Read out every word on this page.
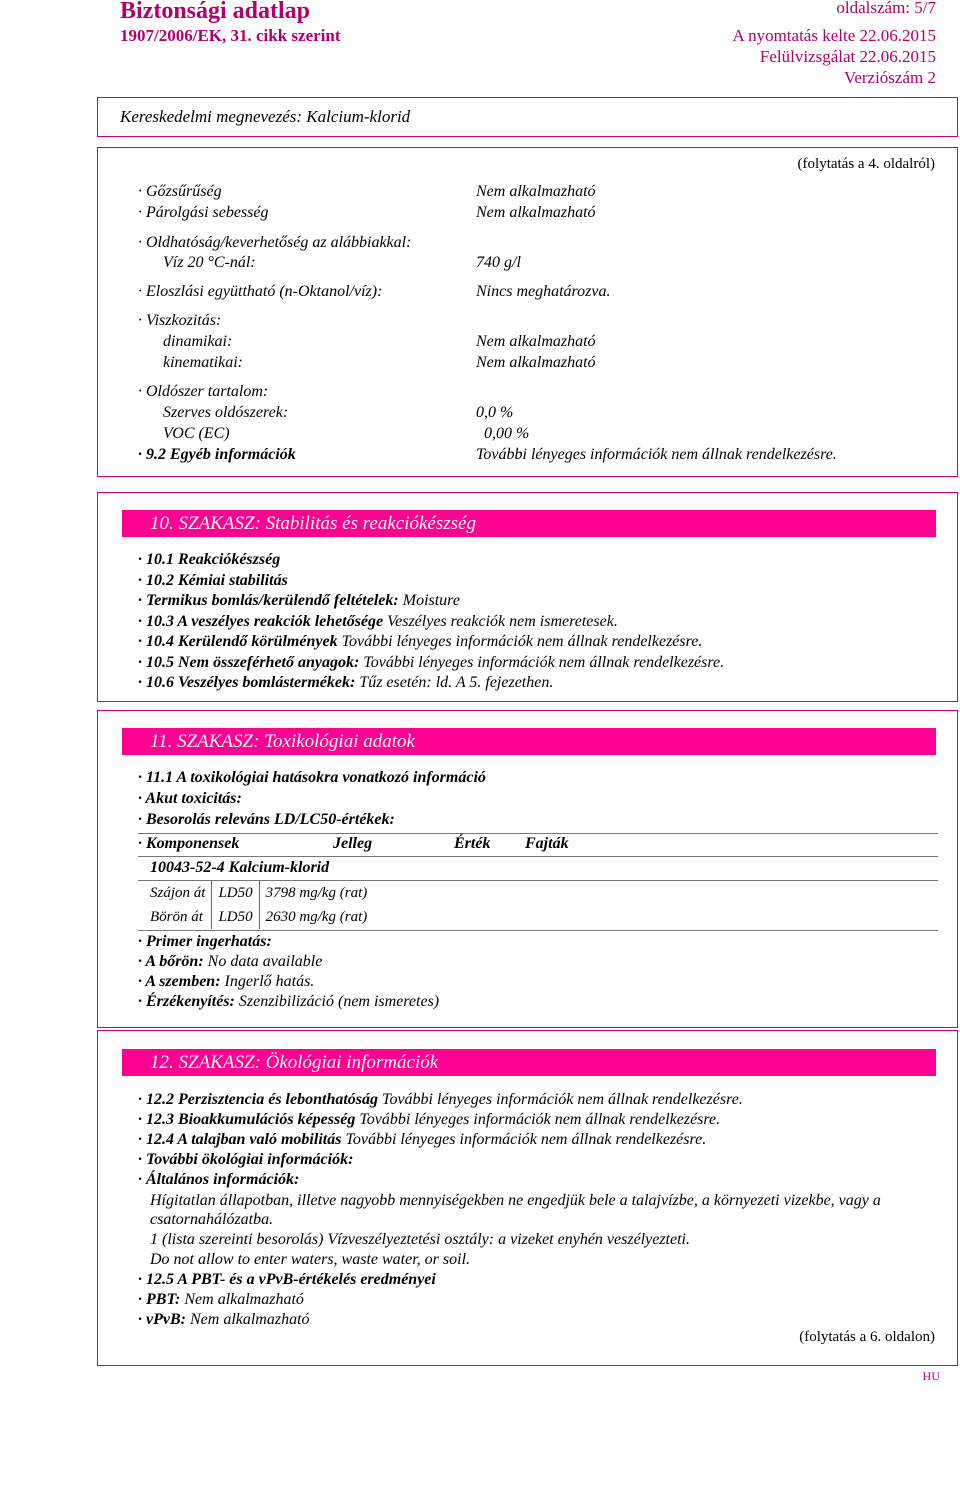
Biztonsági adatlap
1907/2006/EK, 31. cikk szerint
oldalszám: 5/7
A nyomtatás kelte 22.06.2015
Felülvizsgálat 22.06.2015
Verziószám 2
Kereskedelmi megnevezés: Kalcium-klorid
(folytatás a 4. oldalról)
· Gőzsűrűség	Nem alkalmazható
· Párolgási sebesség	Nem alkalmazható
· Oldhatóság/keverhetőség az alábbiakkal:
Víz 20 °C-nál:	740 g/l
· Eloszlási együttható (n-Oktanol/víz):	Nincs meghatározva.
· Viszkozitás:
dinamikai:	Nem alkalmazható
kinematikai:	Nem alkalmazható
· Oldószer tartalom:
Szerves oldószerek:	0,0 %
VOC (EC)	0,00 %
· 9.2 Egyéb információk	További lényeges információk nem állnak rendelkezésre.
10. SZAKASZ: Stabilitás és reakciókészség
· 10.1 Reakciókészség
· 10.2 Kémiai stabilitás
· Termikus bomlás/kerülendő feltételek: Moisture
· 10.3 A veszélyes reakciók lehetősége Veszélyes reakciók nem ismeretesek.
· 10.4 Kerülendő körülmények További lényeges információk nem állnak rendelkezésre.
· 10.5 Nem összeférhető anyagok: További lényeges információk nem állnak rendelkezésre.
· 10.6 Veszélyes bomlástermékek: Tűz esetén: ld. A 5. fejezethen.
11. SZAKASZ: Toxikológiai adatok
· 11.1 A toxikológiai hatásokra vonatkozó információ
· Akut toxicitás:
· Besorolás releváns LD/LC50-értékek:
· Komponensek	Jelleg	Érték Fajták
10043-52-4 Kalcium-klorid
Szájon át	LD50	3798 mg/kg (rat)
Börön át	LD50	2630 mg/kg (rat)
· Primer ingerhatás:
· A bőrön: No data available
· A szemben: Ingerlő hatás.
· Érzékenyítés: Szenzibilizáció (nem ismeretes)
12. SZAKASZ: Ökológiai információk
· 12.2 Perzisztencia és lebonthatóság További lényeges információk nem állnak rendelkezésre.
· 12.3 Bioakkumulációs képesség További lényeges információk nem állnak rendelkezésre.
· 12.4 A talajban való mobilitás További lényeges információk nem állnak rendelkezésre.
· További ökológiai információk:
· Általános információk:
Hígitatlan állapotban, illetve nagyobb mennyiségekben ne engedjük bele a talajvízbe, a környezeti vizekbe, vagy a csatornahálózatba.
1 (lista szereinti besorolás) Vízveszélyeztetési osztály: a vizeket enyhén veszélyezteti.
Do not allow to enter waters, waste water, or soil.
· 12.5 A PBT- és a vPvB-értékelés eredményei
· PBT: Nem alkalmazható
· vPvB: Nem alkalmazható
(folytatás a 6. oldalon)
HU
